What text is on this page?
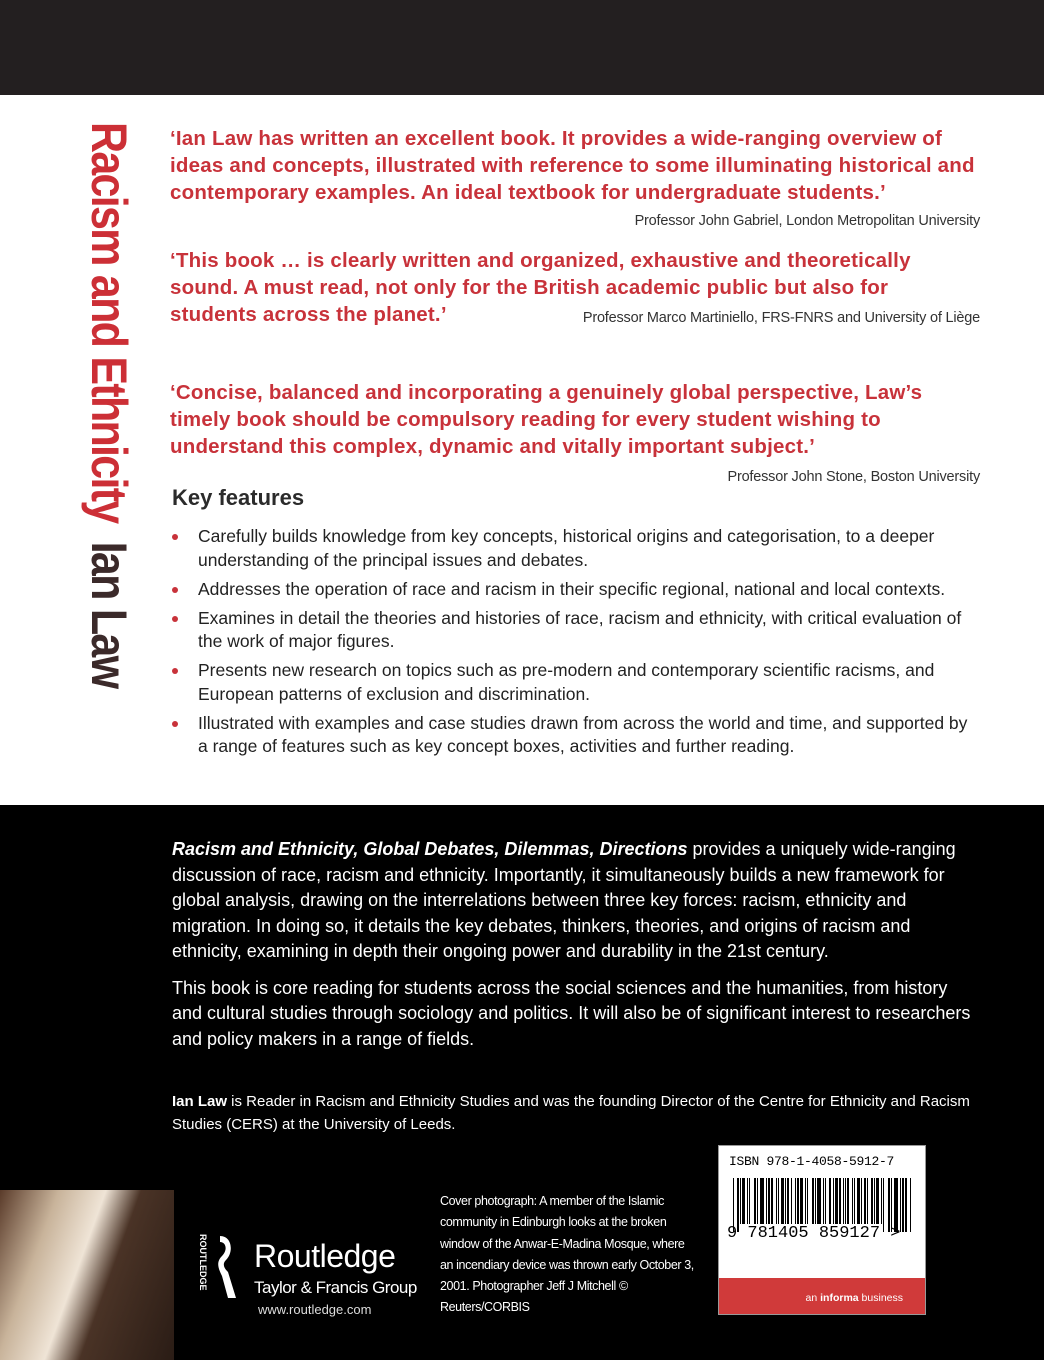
Racism and EthnicityIan Law
‘Ian Law has written an excellent book. It provides a wide-ranging overview of ideas and concepts, illustrated with reference to some illuminating historical and contemporary examples. An ideal textbook for undergraduate students.’
Professor John Gabriel, London Metropolitan University
‘This book … is clearly written and organized, exhaustive and theoretically sound. A must read, not only for the British academic public but also for students across the planet.’	Professor Marco Martiniello, FRS-FNRS and University of Liège
‘Concise, balanced and incorporating a genuinely global perspective, Law’s timely book should be compulsory reading for every student wishing to understand this complex, dynamic and vitally important subject.’
Professor John Stone, Boston University
Key features
Carefully builds knowledge from key concepts, historical origins and categorisation, to a deeper understanding of the principal issues and debates.
Addresses the operation of race and racism in their specific regional, national and local contexts.
Examines in detail the theories and histories of race, racism and ethnicity, with critical evaluation of the work of major figures.
Presents new research on topics such as pre-modern and contemporary scientific racisms, and European patterns of exclusion and discrimination.
Illustrated with examples and case studies drawn from across the world and time, and supported by a range of features such as key concept boxes, activities and further reading.

Racism and Ethnicity, Global Debates, Dilemmas, Directions provides a uniquely wide-ranging discussion of race, racism and ethnicity. Importantly, it simultaneously builds a new framework for global analysis, drawing on the interrelations between three key forces: racism, ethnicity and migration. In doing so, it details the key debates, thinkers, theories, and origins of racism and ethnicity, examining in depth their ongoing power and durability in the 21st century.

This book is core reading for students across the social sciences and the humanities, from history and cultural studies through sociology and politics. It will also be of significant interest to researchers and policy makers in a range of fields.

Ian Law is Reader in Racism and Ethnicity Studies and was the founding Director of the Centre for Ethnicity and Racism Studies (CERS) at the University of Leeds.
ROUTLEDGE Routledge
Taylor & Francis Group
www.routledge.com
Cover photograph: A member of the Islamic community in Edinburgh looks at the broken window of the Anwar-E-Madina Mosque, where an incendiary device was thrown early October 3, 2001. Photographer Jeff J Mitchell © Reuters/CORBIS
ISBN 978-1-4058-5912-7
9 781405 859127 >
an informa business
